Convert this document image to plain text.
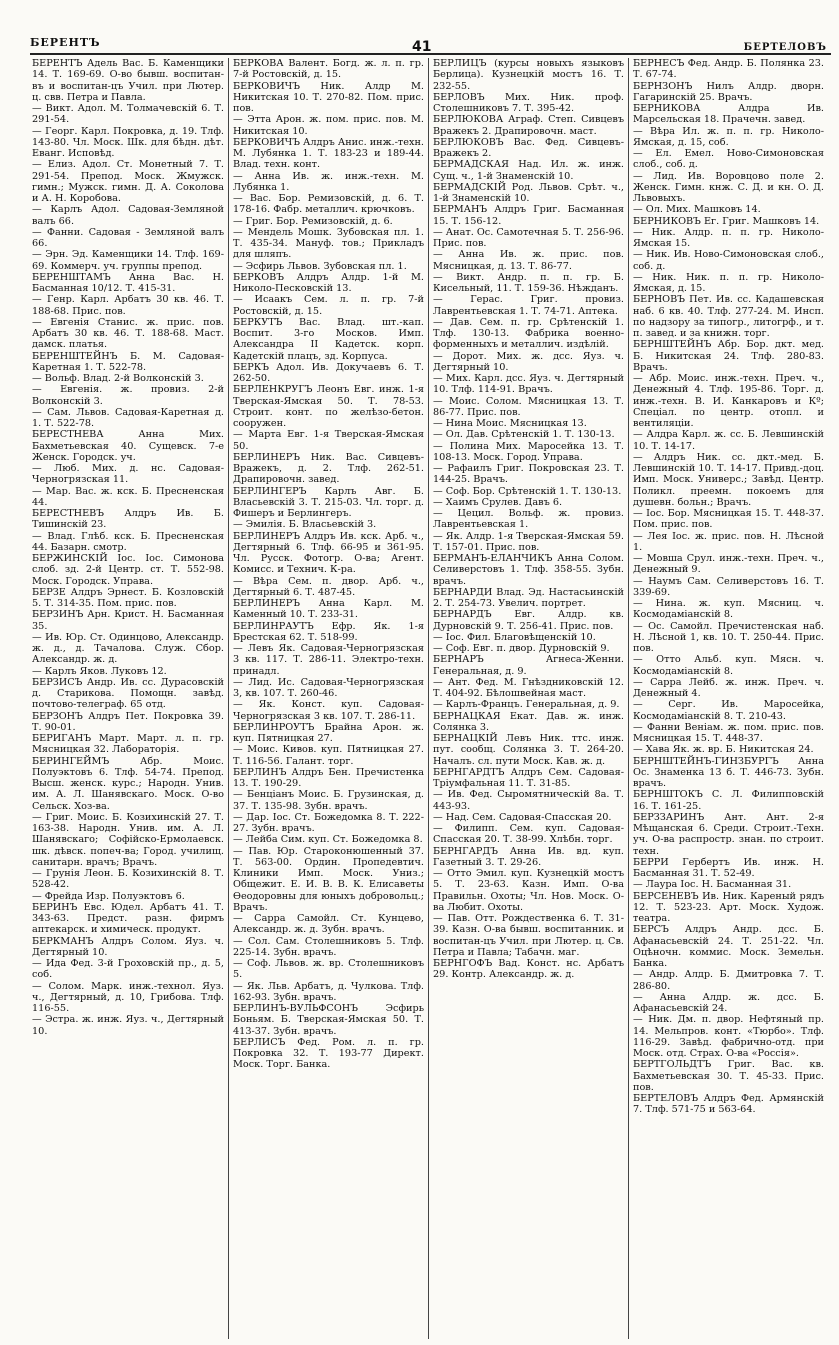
БЕРЕНТЪ	41	БЕРТЕЛОВЪ

БЕРЕНТЪ Адель Вас. Б. Каменщики 14. Т. 169-69. О-во бывш. воспитан-въ и воспитан-цъ Учил. при Лютер. ц. свв. Петра и Павла.

— Викт. Адол. М. Толмачевскій 6. Т. 291-54.

— Георг. Карл. Покровка, д. 19. Тлф. 143-80. Чл. Моск. Шк. для бѣдн. дѣт. Еванг. Исповѣд.

— Елиз. Адол. Ст. Монетный 7. Т. 291-54. Препод. Моск. Жмужск. гимн.; Мужск. гимн. Д. А. Соколова и А. Н. Коробова.

— Карлъ Адол. Садовая-Земляной валъ 66.

— Фанни. Садовая - Земляной валъ 66.

— Эрн. Эд. Каменщики 14. Тлф. 169-69. Коммерч. уч. группы препод.

БЕРЕНШТАМЪ Анна Вас. Н. Басманная 10/12. Т. 415-31.

— Генр. Карл. Арбатъ 30 кв. 46. Т. 188-68. Прис. пов.

— Евгенія Станис. ж. прис. пов. Арбатъ 30 кв. 46. Т. 188-68. Маст. дамск. платья.

БЕРЕНШТЕЙНЪ Б. М. Садовая-Каретная 1. Т. 522-78.

— Вольф. Влад. 2-й Волконскій 3.

— Евгенія. ж. провиз. 2-й Волконскій 3.

— Сам. Львов. Садовая-Каретная д. 1. Т. 522-78.

БЕРЕСТНЕВА Анна Мих. Бахметьевская 40. Сущевск. 7-е Женск. Городск. уч.

— Люб. Мих. д. нс. Садовая-Черногрязская 11.

— Мар. Вас. ж. кск. Б. Пресненская 44.

БЕРЕСТНЕВЪ Алдръ Ив. Б. Тишинскій 23.

— Влад. Глѣб. кск. Б. Пресненская 44. Базарн. смотр.

БЕРЖИНСКІЙ Іос. Іос. Симонова слоб. зд. 2-й Центр. ст. Т. 552-98. Моск. Городск. Управа.

БЕРЗЕ Алдръ Эрнест. Б. Козловскій 5. Т. 314-35. Пом. прис. пов.

БЕРЗИНЪ Арн. Крист. Н. Басманная 35.

— Ив. Юр. Ст. Одинцово, Александр. ж. д., д. Тачалова. Служ. Сбор. Александр. ж. д.

— Карлъ Яков. Луковъ 12.

БЕРЗИСЪ Андр. Ив. сс. Дурасовскій д. Старикова. Помощн. завѣд. почтово-телеграф. 65 отд.

БЕРЗОНЪ Алдръ Пет. Покровка 39. Т. 90-01.

БЕРИГАНЪ Март. Март. л. п. гр. Мясницкая 32. Лабораторія.

БЕРИНГЕЙМЪ Абр. Моис. Полуэктовъ 6. Тлф. 54-74. Препод. Высш. женск. курс.; Народн. Унив. им. А. Л. Шанявскаго. Моск. О-во Сельск. Хоз-ва.

— Григ. Моис. Б. Козихинскій 27. Т. 163-38. Народн. Унив. им. А. Л. Шанявскаго; Софійско-Ермолаевск. шк. дѣвск. попеч-ва; Город. училищ. санитарн. врачъ; Врачъ.

— Грунія Леон. Б. Козихинскій 8. Т. 528-42.

— Фрейда Изр. Полуэктовъ 6.

БЕРИНЪ Евс. Юдел. Арбатъ 41. Т. 343-63. Предст. разн. фирмъ аптекарск. и химическ. продукт.

БЕРКМАНЪ Алдръ Солом. Яуз. ч. Дегтярный 10.

— Ида Фед. 3-й Гроховскій пр., д. 5, соб.

— Солом. Марк. инж.-технол. Яуз. ч., Дегтярный, д. 10, Грибова. Тлф. 116-55.

— Эстра. ж. инж. Яуз. ч., Дегтярный 10.

БЕРКОВА Валент. Богд. ж. л. п. гр. 7-й Ростовскій, д. 15.

БЕРКОВИЧЪ Ник. Алдр М. Никитская 10. Т. 270-82. Пом. прис. пов.

— Этта Арон. ж. пом. прис. пов. М. Никитская 10.

БЕРКОВИЧЪ Алдръ Анис. инж.-техн. М. Лубянка 1. Т. 183-23 и 189-44. Влад. техн. конт.

— Анна Ив. ж. инж.-техн. М. Лубянка 1.

— Вас. Бор. Ремизовскій, д. 6. Т. 178-16. Фабр. металлич. крючковъ.

— Григ. Бор. Ремизовскій, д. 6.

— Мендель Мошк. Зубовская пл. 1. Т. 435-34. Мануф. тов.; Прикладъ для шляпъ.

— Эсфирь Львов. Зубовская пл. 1.

БЕРКОВЪ Алдръ Алдр. 1-й М. Николо-Песковскій 13.

— Исаакъ Сем. л. п. гр. 7-й Ростовскій, д. 15.

БЕРКУТЪ Вас. Влад. шт.-кап. Воспит. 3-го Москов. Имп. Александра II Кадетск. корп. Кадетскій плацъ, зд. Корпуса.

БЕРКЪ Адол. Ив. Докучаевъ 6. Т. 262-50.

БЕРЛЕНКРУГЪ Леонъ Евг. инж. 1-я Тверская-Ямская 50. Т. 78-53. Строит. конт. по желѣзо-бетон. сооружен.

— Марта Евг. 1-я Тверская-Ямская 50.

БЕРЛИНЕРЪ Ник. Вас. Сивцевъ-Вражекъ, д. 2. Тлф. 262-51. Драпировочн. завед.

БЕРЛИНГЕРЪ Карлъ Авг. Б. Власьевскій 3. Т. 215-03. Чл. торг. д. Фишеръ и Берлингеръ.

— Эмилія. Б. Власьевскій 3.

БЕРЛИНЕРЪ Алдръ Ив. кск. Арб. ч., Дегтярный 6. Тлф. 66-95 и 361-95. Чл. Русск. Фотогр. О-ва; Агент. Комисс. и Технич. К-ра.

— Вѣра Сем. п. двор. Арб. ч., Дегтярный 6. Т. 487-45.

БЕРЛИНЕРЪ Анна Карл. М. Каменный 10. Т. 233-31.

БЕРЛИНРАУТЪ Ефр. Як. 1-я Брестская 62. Т. 518-99.

— Левъ Як. Садовая-Черногрязская 3 кв. 117. Т. 286-11. Электро-техн. принадл.

— Лид. Ис. Садовая-Черногрязская 3, кв. 107. Т. 260-46.

— Як. Конст. куп. Садовая-Черногрязская 3 кв. 107. Т. 286-11.

БЕРЛИНРОУТЪ Брайна Арон. ж. куп. Пятницкая 27.

— Моис. Кивов. куп. Пятницкая 27. Т. 116-56. Галант. торг.

БЕРЛИНЪ Алдръ Бен. Пречистенка 13. Т. 190-29.

— Бенціанъ Моис. Б. Грузинская, д. 37. Т. 135-98. Зубн. врачъ.

— Дар. Іос. Ст. Божедомка 8. Т. 222-27. Зубн. врачъ.

— Лейба Сим. куп. Ст. Божедомка 8.

— Пав. Юр. Староконюшенный 37. Т. 563-00. Ордин. Пропедевтич. Клиники Имп. Моск. Униз.; Общежит. Е. И. В. В. К. Елисаветы Өеодоровны для юныхъ добровольц.; Врачъ.

— Сарра Самойл. Ст. Кунцево, Александр. ж. д. Зубн. врачъ.

— Сол. Сам. Столешниковъ 5. Тлф. 225-14. Зубн. врачъ.

— Соф. Львов. ж. вр. Столешниковъ 5.

— Як. Льв. Арбатъ, д. Чулкова. Тлф. 162-93. Зубн. врачъ.

БЕРЛИНЪ-ВУЛЬФСОНЪ Эсфирь Боньям. Б. Тверская-Ямская 50. Т. 413-37. Зубн. врачъ.

БЕРЛИСЪ Фед. Ром. л. п. гр. Покровка 32. Т. 193-77 Директ. Моск. Торг. Банка.

БЕРЛИЦЪ (курсы новыхъ языковъ Берлица). Кузнецкій мостъ 16. Т. 232-55.

БЕРЛОВЪ Мих. Ник. проф. Столешниковъ 7. Т. 395-42.

БЕРЛЮКОВА Аграф. Степ. Сивцевъ Вражекъ 2. Драпировочн. маст.

БЕРЛЮКОВЪ Вас. Фед. Сивцевъ-Вражекъ 2.

БЕРМАДСКАЯ Над. Ил. ж. инж. Сущ. ч., 1-й Знаменскій 10.

БЕРМАДСКІЙ Род. Львов. Срѣт. ч., 1-й Знаменскій 10.

БЕРМАНЪ Алдръ Григ. Басманная 15. Т. 156-12.

— Анат. Ос. Самотечная 5. Т. 256-96. Прис. пов.

— Анна Ив. ж. прис. пов. Мясницкая, д. 13. Т. 86-77.

— Викт. Андр. п. п. гр. Б. Кисельный, 11. Т. 159-36. Нѣжданъ.

— Герас. Григ. провиз. Лаврентьевская 1. Т. 74-71. Аптека.

— Дав. Сем. п. гр. Срѣтенскій 1. Тлф. 130-13. Фабрика военно-форменныхъ и металлич. издѣлій.

— Дорот. Мих. ж. дсс. Яуз. ч. Дегтярный 10.

— Мих. Карл. дсс. Яуз. ч. Дегтярный 10. Тлф. 114-91. Врачъ.

— Моис. Солом. Мясницкая 13. Т. 86-77. Прис. пов.

— Нина Моис. Мясницкая 13.

— Ол. Дав. Срѣтенскій 1. Т. 130-13.

— Полина Мих. Маросейка 13. Т. 108-13. Моск. Город. Управа.

— Рафаилъ Григ. Покровская 23. Т. 144-25. Врачъ.

— Соф. Бор. Срѣтенскій 1. Т. 130-13.

— Хаимъ Срулев. Давъ 6.

— Цецил. Вольф. ж. провиз. Лаврентьевская 1.

— Як. Алдр. 1-я Тверская-Ямская 59. Т. 157-01. Прис. пов.

БЕРМАНЪ-ЕЛАНЧИКЪ Анна Солом. Селиверстовъ 1. Тлф. 358-55. Зубн. врачъ.

БЕРНАРДИ Влад. Эд. Настасьинскій 2. Т. 254-73. Увелич. портрет.

БЕРНАРДЪ Евг. Алдр. кв. Дурновскій 9. Т. 256-41. Прис. пов.

— Іос. Фил. Благовѣщенскій 10.

— Соф. Евг. п. двор. Дурновскій 9.

БЕРНАРЪ Агнеса-Женни. Генеральная, д. 9.

— Ант. Фед. М. Гнѣздниковскій 12. Т. 404-92. Бѣлошвейная маст.

— Карлъ-Францъ. Генеральная, д. 9.

БЕРНАЦКАЯ Екат. Дав. ж. инж. Солянка 3.

БЕРНАЦКІЙ Левъ Ник. ттс. инж. пут. сообщ. Солянка 3. Т. 264-20. Началъ. сл. пути Моск. Кав. ж. д.

БЕРНГАРДТЪ Алдръ Сем. Садовая-Тріумфальная 11. Т. 31-85.

— Ив. Фед. Сыромятническій 8а. Т. 443-93.

— Над. Сем. Садовая-Спасская 20.

— Филипп. Сем. куп. Садовая-Спасская 20. Т. 38-99. Хлѣбн. торг.

БЕРНГАРДЪ Анна Ив. вд. куп. Газетный 3. Т. 29-26.

— Отто Эмил. куп. Кузнецкій мостъ 5. Т. 23-63. Казн. Имп. О-ва Правильн. Охоты; Чл. Нов. Моск. О-ва Любит. Охоты.

— Пав. Отт. Рождественка 6. Т. 31-39. Казн. О-ва бывш. воспитанник. и воспитан-цъ Учил. при Лютер. ц. Св. Петра и Павла; Табачн. маг.

БЕРНГОФЪ Вад. Конст. нс. Арбатъ 29. Контр. Александр. ж. д.

БЕРНЕСЪ Фед. Андр. Б. Полянка 23. Т. 67-74.

БЕРНЗОНЪ Нилъ Алдр. дворн. Гагаринскій 25. Врачъ.

БЕРНИКОВА Алдра Ив. Марсельская 18. Прачечн. завед.

— Вѣра Ил. ж. п. п. гр. Николо-Ямская, д. 15, соб.

— Ел. Емел. Ново-Симоновская слоб., соб. д.

— Лид. Ив. Воровцово поле 2. Женск. Гимн. кнж. С. Д. и кн. О. Д. Львовыхъ.

— Ол. Мих. Машковъ 14.

БЕРНИКОВЪ Ег. Григ. Машковъ 14.

— Ник. Алдр. п. п. гр. Николо-Ямская 15.

— Ник. Ив. Ново-Симоновская слоб., соб. д.

— Ник. Ник. п. п. гр. Николо-Ямская, д. 15.

БЕРНОВЪ Пет. Ив. сс. Кадашевская наб. 6 кв. 40. Тлф. 277-24. М. Инсп. по надзору за типогр., литогрф., и т. п. завед. и за книжн. торг.

БЕРНШТЕЙНЪ Абр. Бор. дкт. мед. Б. Никитская 24. Тлф. 280-83. Врачъ.

— Абр. Моис. инж.-техн. Преч. ч., Денежный 4. Тлф. 195-86. Торг. д. инж.-техн. В. И. Канкаровъ и Кº; Спеціал. по центр. отопл. и вентиляціи.

— Алдра Карл. ж. сс. Б. Левшинскій 10. Т. 14-17.

— Алдръ Ник. сс. дкт.-мед. Б. Левшинскій 10. Т. 14-17. Привд.-доц. Имп. Моск. Универс.; Завѣд. Центр. Поликл. преемн. покоемъ для душевн. больн.; Врачъ.

— Іос. Бор. Мясницкая 15. Т. 448-37. Пом. прис. пов.

— Лея Іос. ж. прис. пов. Н. Лѣсной 1.

— Мовша Срул. инж.-техн. Преч. ч., Денежный 9.

— Наумъ Сам. Селиверстовъ 16. Т. 339-69.

— Нина. ж. куп. Мясниц. ч. Космодамiанскій 8.

— Ос. Самойл. Пречистенская наб. Н. Лѣсной 1, кв. 10. Т. 250-44. Прис. пов.

— Отто Альб. куп. Мясн. ч. Космодамiанскій 8.

— Сарра Лейб. ж. инж. Преч. ч. Денежный 4.

— Серг. Ив. Маросейка, Космодамiанскій 8. Т. 210-43.

— Фанни Веніам. ж. пом. прис. пов. Мясницкая 15. Т. 448-37.

— Хава Як. ж. вр. Б. Никитская 24.

БЕРНШТЕЙНЪ-ГИНЗБУРГЪ Анна Ос. Знаменка 13 б. Т. 446-73. Зубн. врачъ.

БЕРНШТОКЪ С. Л. Филипповскій 16. Т. 161-25.

БЕРЗЗАРИНЪ Ант. Ант. 2-я Мѣщанская 6. Среди. Строит.-Техн. уч. О-ва распростр. знан. по строит. техн.

БЕРРИ Гербертъ Ив. инж. Н. Басманная 31. Т. 52-49.

— Лаура Іос. Н. Басманная 31.

БЕРСЕНЕВЪ Ив. Ник. Кареный рядъ 12. Т. 523-23. Арт. Моск. Худож. театра.

БЕРСЪ Алдръ Андр. дсс. Б. Афанасьевскій 24. Т. 251-22. Чл. Оцѣночн. коммис. Моск. Земельн. Банка.

— Андр. Алдр. Б. Дмитровка 7. Т. 286-80.

— Анна Алдр. ж. дсс. Б. Афанасьевскій 24.

— Ник. Дм. п. двор. Нефтяный пр. 14. Мельпров. конт. «Тюрбо». Тлф. 116-29. Завѣд. фабрично-отд. при Моск. отд. Страх. О-ва «Россія».

БЕРТГОЛЬДТЪ Григ. Вас. кв. Бахметьевская 30. Т. 45-33. Прис. пов.

БЕРТЕЛОВЪ Алдръ Фед. Армянскій 7. Тлф. 571-75 и 563-64.
